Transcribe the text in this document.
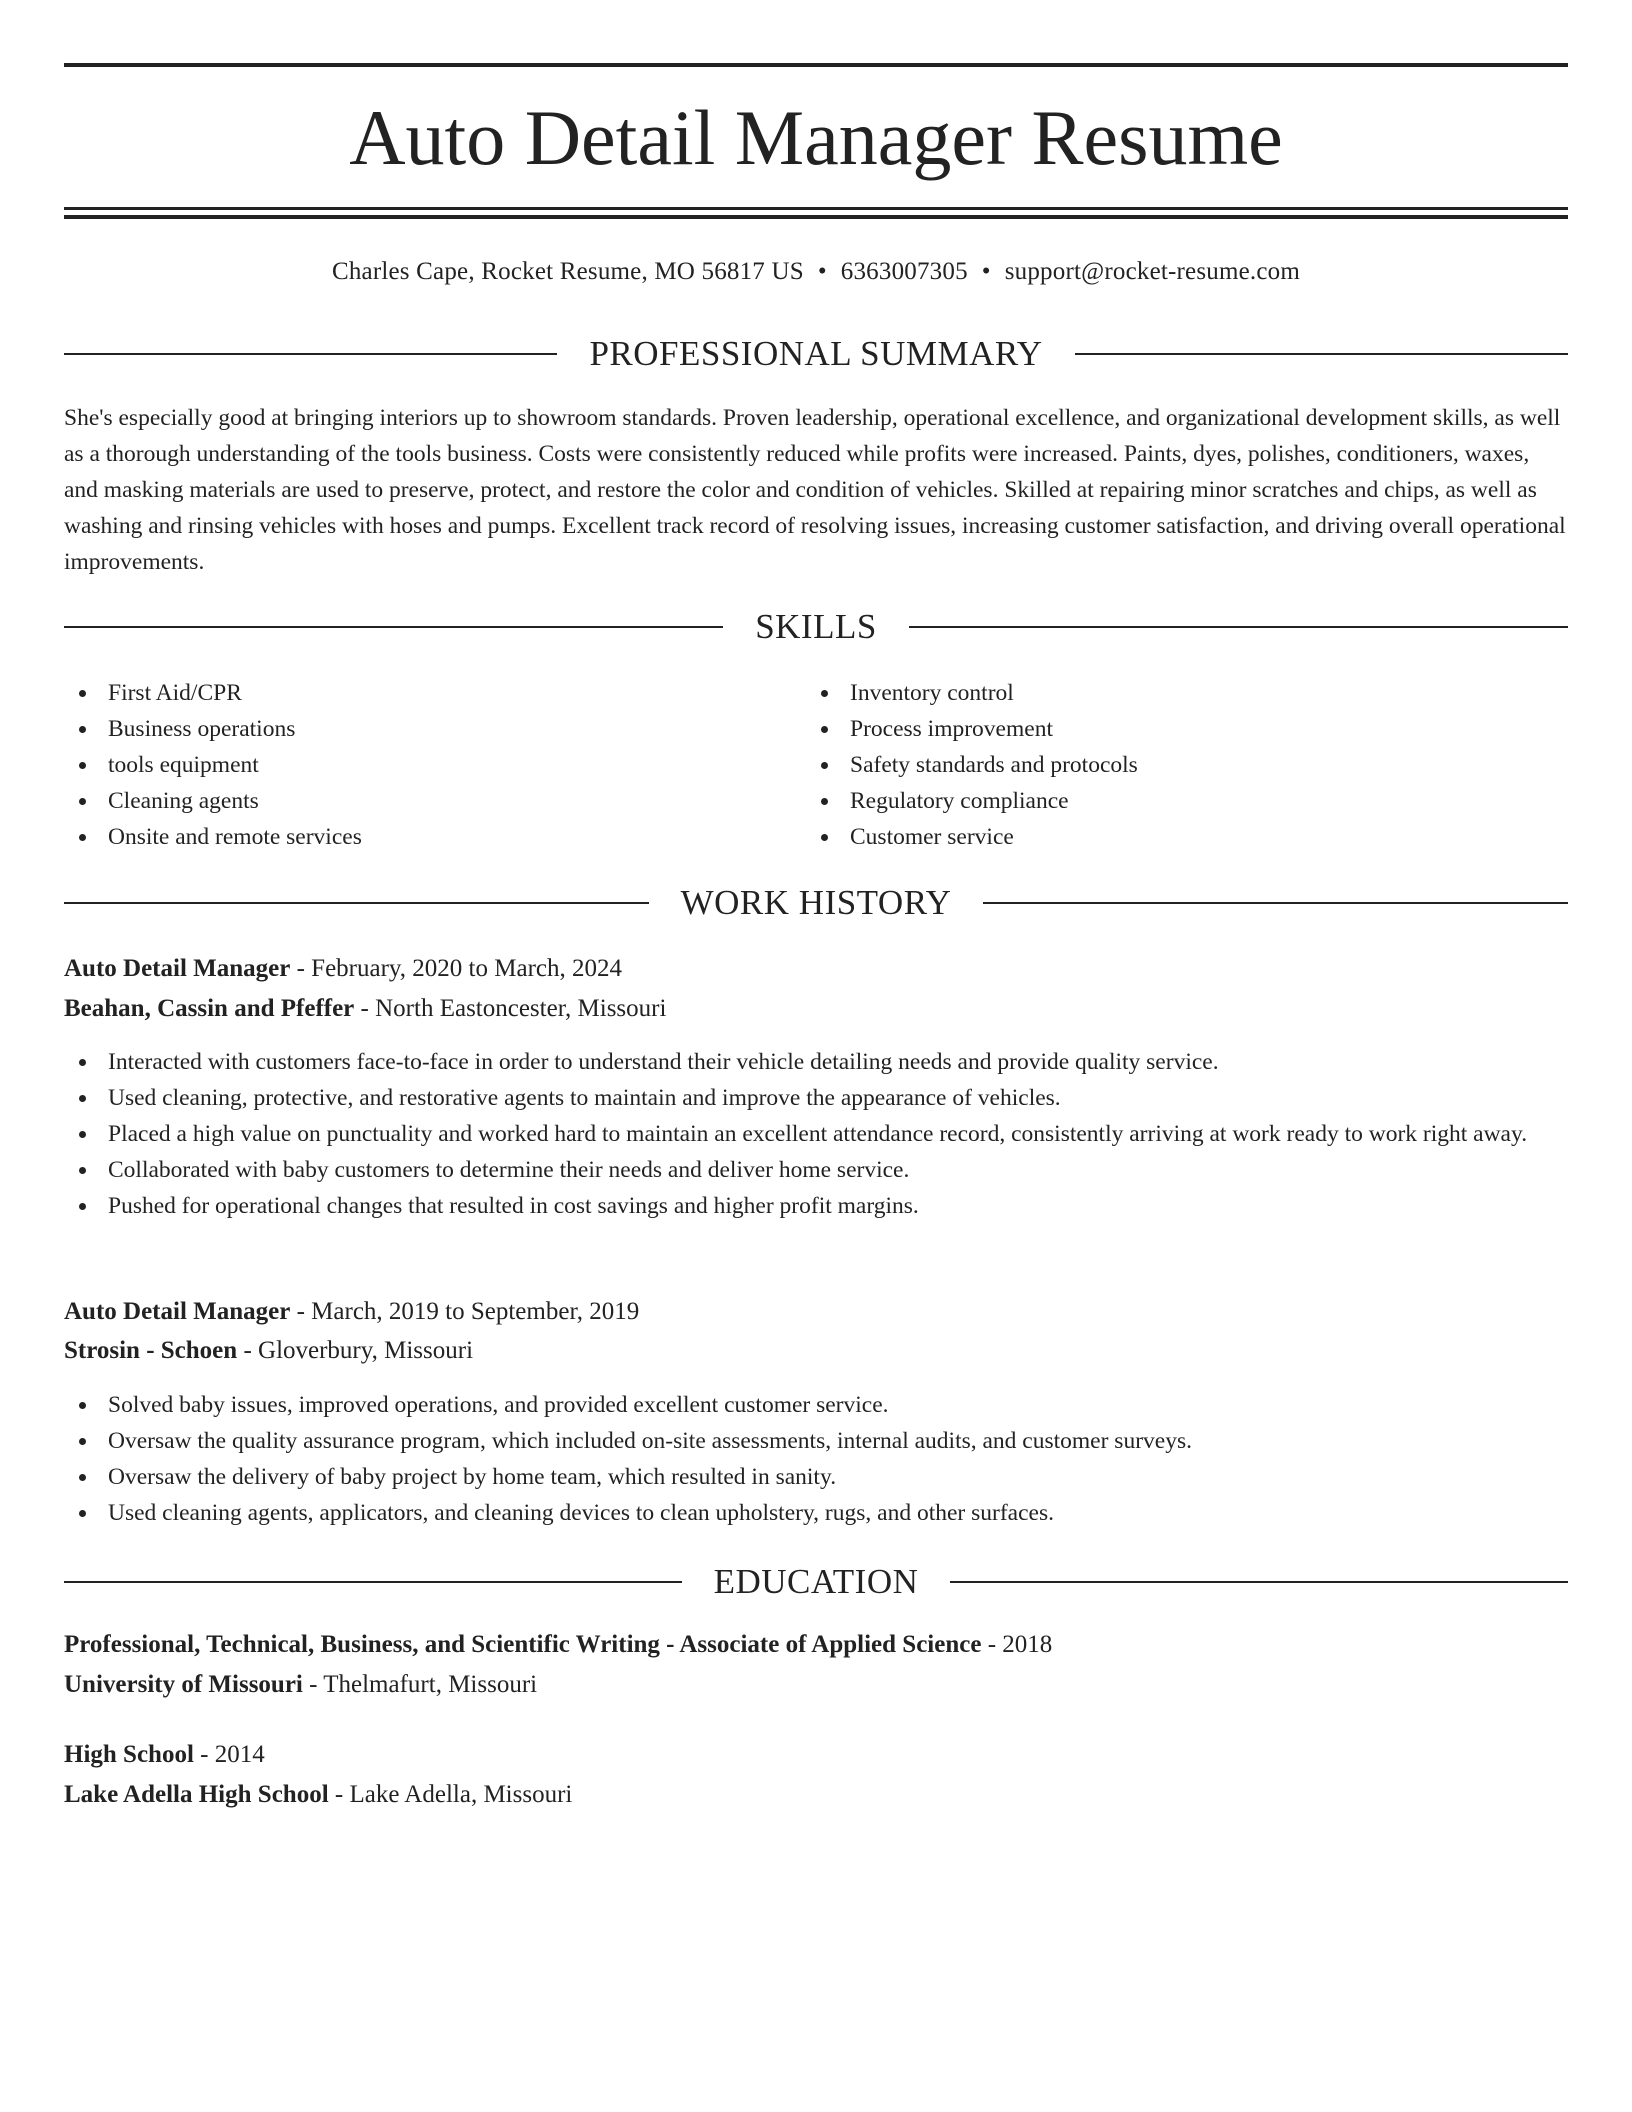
Auto Detail Manager Resume
Charles Cape, Rocket Resume, MO 56817 US • 6363007305 • support@rocket-resume.com
PROFESSIONAL SUMMARY

She's especially good at bringing interiors up to showroom standards. Proven leadership, operational excellence, and organizational development skills, as well as a thorough understanding of the tools business. Costs were consistently reduced while profits were increased. Paints, dyes, polishes, conditioners, waxes, and masking materials are used to preserve, protect, and restore the color and condition of vehicles. Skilled at repairing minor scratches and chips, as well as washing and rinsing vehicles with hoses and pumps. Excellent track record of resolving issues, increasing customer satisfaction, and driving overall operational improvements.

SKILLS
First Aid/CPR
Business operations
tools equipment
Cleaning agents
Onsite and remote services
Inventory control
Process improvement
Safety standards and protocols
Regulatory compliance
Customer service
WORK HISTORY
Auto Detail Manager - February, 2020 to March, 2024
Beahan, Cassin and Pfeffer - North Eastoncester, Missouri
Interacted with customers face-to-face in order to understand their vehicle detailing needs and provide quality service.
Used cleaning, protective, and restorative agents to maintain and improve the appearance of vehicles.
Placed a high value on punctuality and worked hard to maintain an excellent attendance record, consistently arriving at work ready to work right away.
Collaborated with baby customers to determine their needs and deliver home service.
Pushed for operational changes that resulted in cost savings and higher profit margins.
Auto Detail Manager - March, 2019 to September, 2019
Strosin - Schoen - Gloverbury, Missouri
Solved baby issues, improved operations, and provided excellent customer service.
Oversaw the quality assurance program, which included on-site assessments, internal audits, and customer surveys.
Oversaw the delivery of baby project by home team, which resulted in sanity.
Used cleaning agents, applicators, and cleaning devices to clean upholstery, rugs, and other surfaces.
EDUCATION
Professional, Technical, Business, and Scientific Writing - Associate of Applied Science - 2018
University of Missouri - Thelmafurt, Missouri
High School - 2014
Lake Adella High School - Lake Adella, Missouri
